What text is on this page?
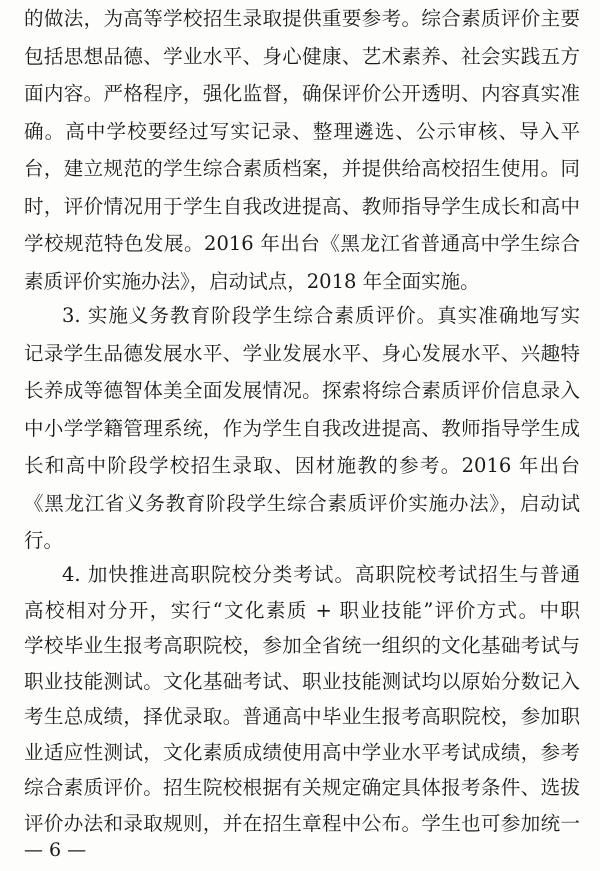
的做法，为高等学校招生录取提供重要参考。综合素质评价主要
包括思想品德、学业水平、身心健康、艺术素养、社会实践五方
面内容。严格程序，强化监督，确保评价公开透明、内容真实准
确。高中学校要经过写实记录、整理遴选、公示审核、导入平
台，建立规范的学生综合素质档案，并提供给高校招生使用。同
时，评价情况用于学生自我改进提高、教师指导学生成长和高中
学校规范特色发展。2016 年出台《黑龙江省普通高中学生综合
素质评价实施办法》，启动试点，2018 年全面实施。
3. 实施义务教育阶段学生综合素质评价。真实准确地写实
记录学生品德发展水平、学业发展水平、身心发展水平、兴趣特
长养成等德智体美全面发展情况。探索将综合素质评价信息录入
中小学学籍管理系统，作为学生自我改进提高、教师指导学生成
长和高中阶段学校招生录取、因材施教的参考。2016 年出台
《黑龙江省义务教育阶段学生综合素质评价实施办法》，启动试
行。
4. 加快推进高职院校分类考试。高职院校考试招生与普通
高校相对分开，实行“文化素质 + 职业技能”评价方式。中职
学校毕业生报考高职院校，参加全省统一组织的文化基础考试与
职业技能测试。文化基础考试、职业技能测试均以原始分数记入
考生总成绩，择优录取。普通高中毕业生报考高职院校，参加职
业适应性测试，文化素质成绩使用高中学业水平考试成绩，参考
综合素质评价。招生院校根据有关规定确定具体报考条件、选拔
评价办法和录取规则，并在招生章程中公布。学生也可参加统一
— 6 —
